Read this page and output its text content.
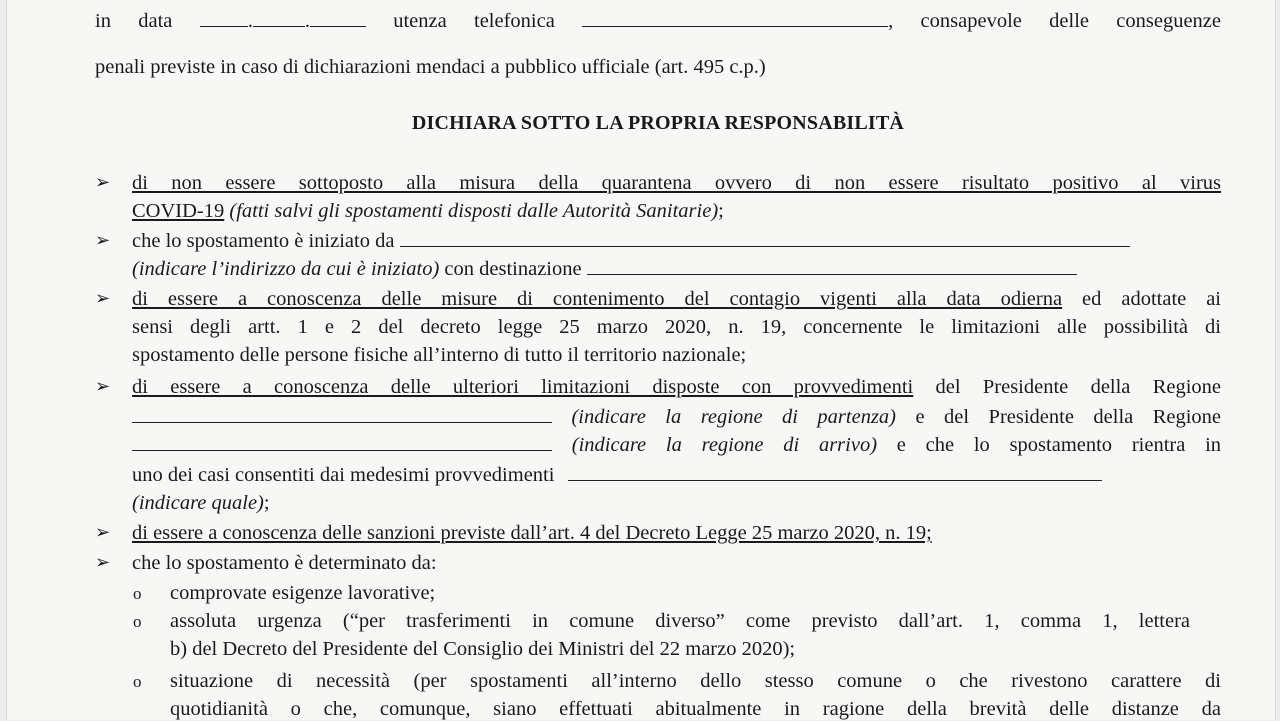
in data	.	.	utenza telefonica	, consapevole delle conseguenze
penali previste in caso di dichiarazioni mendaci a pubblico ufficiale (art. 495 c.p.)
DICHIARA SOTTO LA PROPRIA RESPONSABILITÀ
➢ di non essere sottoposto alla misura della quarantena ovvero di non essere risultato positivo al virus
COVID-19 (fatti salvi gli spostamenti disposti dalle Autorità Sanitarie);
➢ che lo spostamento è iniziato da
(indicare l’indirizzo da cui è iniziato) con destinazione
➢ di essere a conoscenza delle misure di contenimento del contagio vigenti alla data odierna ed adottate ai
sensi degli artt. 1 e 2 del decreto legge 25 marzo 2020, n. 19, concernente le limitazioni alle possibilità di
spostamento delle persone fisiche all’interno di tutto il territorio nazionale;
➢ di essere a conoscenza delle ulteriori limitazioni disposte con provvedimenti del Presidente della Regione
(indicare la regione di partenza) e del Presidente della Regione
(indicare la regione di arrivo) e che lo spostamento rientra in
uno dei casi consentiti dai medesimi provvedimenti
(indicare quale);
➢ di essere a conoscenza delle sanzioni previste dall’art. 4 del Decreto Legge 25 marzo 2020, n. 19;
➢ che lo spostamento è determinato da:
o comprovate esigenze lavorative;
o assoluta urgenza (“per trasferimenti in comune diverso” come previsto dall’art. 1, comma 1, lettera
b) del Decreto del Presidente del Consiglio dei Ministri del 22 marzo 2020);
o situazione di necessità (per spostamenti all’interno dello stesso comune o che rivestono carattere di
quotidianità o che, comunque, siano effettuati abitualmente in ragione della brevità delle distanze da
